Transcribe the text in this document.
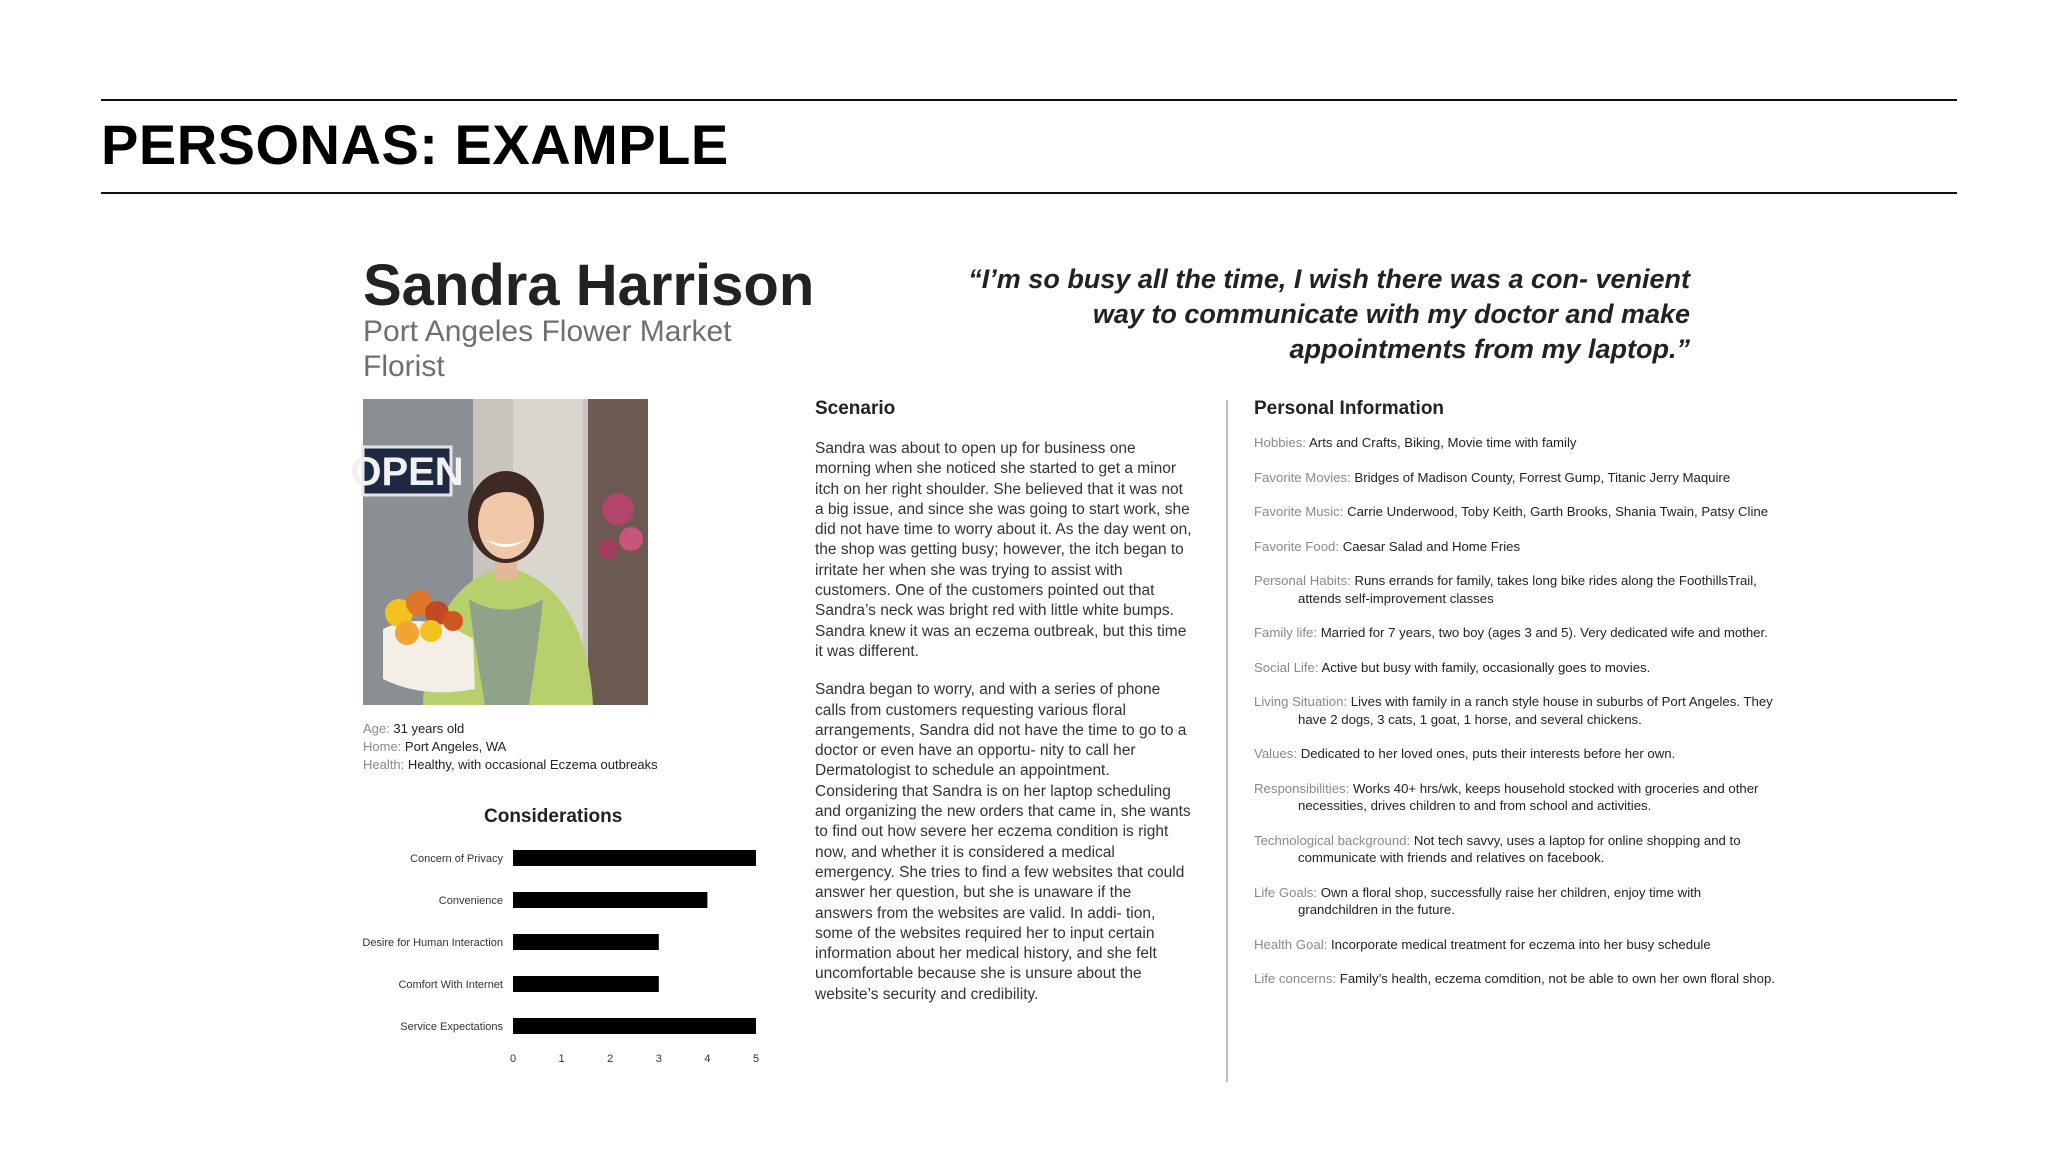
PERSONAS: EXAMPLE
Sandra Harrison
Port Angeles Flower Market
Florist
OPEN
Age: 31 years old
Home: Port Angeles, WA
Health: Healthy, with occasional Eczema outbreaks
Considerations
Concern of Privacy
Convenience
Desire for Human Interaction
Comfort With Internet
Service Expectations
0	1	2	3	4	5

“I’m so busy all the time, I wish there was a con- venient way to communicate with my doctor and make appointments from my laptop.”

Scenario

Sandra was about to open up for business one morning when she noticed she started to get a minor itch on her right shoulder. She believed that it was not a big issue, and since she was going to start work, she did not have time to worry about it. As the day went on, the shop was getting busy; however, the itch began to irritate her when she was trying to assist with customers. One of the customers pointed out that Sandra’s neck was bright red with little white bumps. Sandra knew it was an eczema outbreak, but this time it was different.

Sandra began to worry, and with a series of phone calls from customers requesting various floral arrangements, Sandra did not have the time to go to a doctor or even have an opportu- nity to call her Dermatologist to schedule an appointment. Considering that Sandra is on her laptop scheduling and organizing the new orders that came in, she wants to find out how severe her eczema condition is right now, and whether it is considered a medical emergency. She tries to find a few websites that could answer her question, but she is unaware if the answers from the websites are valid. In addi- tion, some of the websites required her to input certain information about her medical history, and she felt uncomfortable because she is unsure about the website’s security and credibility.

Personal Information
Hobbies: Arts and Crafts, Biking, Movie time with family
Favorite Movies: Bridges of Madison County, Forrest Gump, Titanic Jerry Maquire
Favorite Music: Carrie Underwood, Toby Keith, Garth Brooks, Shania Twain, Patsy Cline
Favorite Food: Caesar Salad and Home Fries
Personal Habits: Runs errands for family, takes long bike rides along the FoothillsTrail, attends self-improvement classes
Family life: Married for 7 years, two boy (ages 3 and 5). Very dedicated wife and mother.
Social Life: Active but busy with family, occasionally goes to movies.
Living Situation: Lives with family in a ranch style house in suburbs of Port Angeles. They have 2 dogs, 3 cats, 1 goat, 1 horse, and several chickens.
Values: Dedicated to her loved ones, puts their interests before her own.
Responsibilities: Works 40+ hrs/wk, keeps household stocked with groceries and other necessities, drives children to and from school and activities.
Technological background: Not tech savvy, uses a laptop for online shopping and to communicate with friends and relatives on facebook.
Life Goals: Own a floral shop, successfully raise her children, enjoy time with grandchildren in the future.
Health Goal: Incorporate medical treatment for eczema into her busy schedule
Life concerns: Family’s health, eczema comdition, not be able to own her own floral shop.
